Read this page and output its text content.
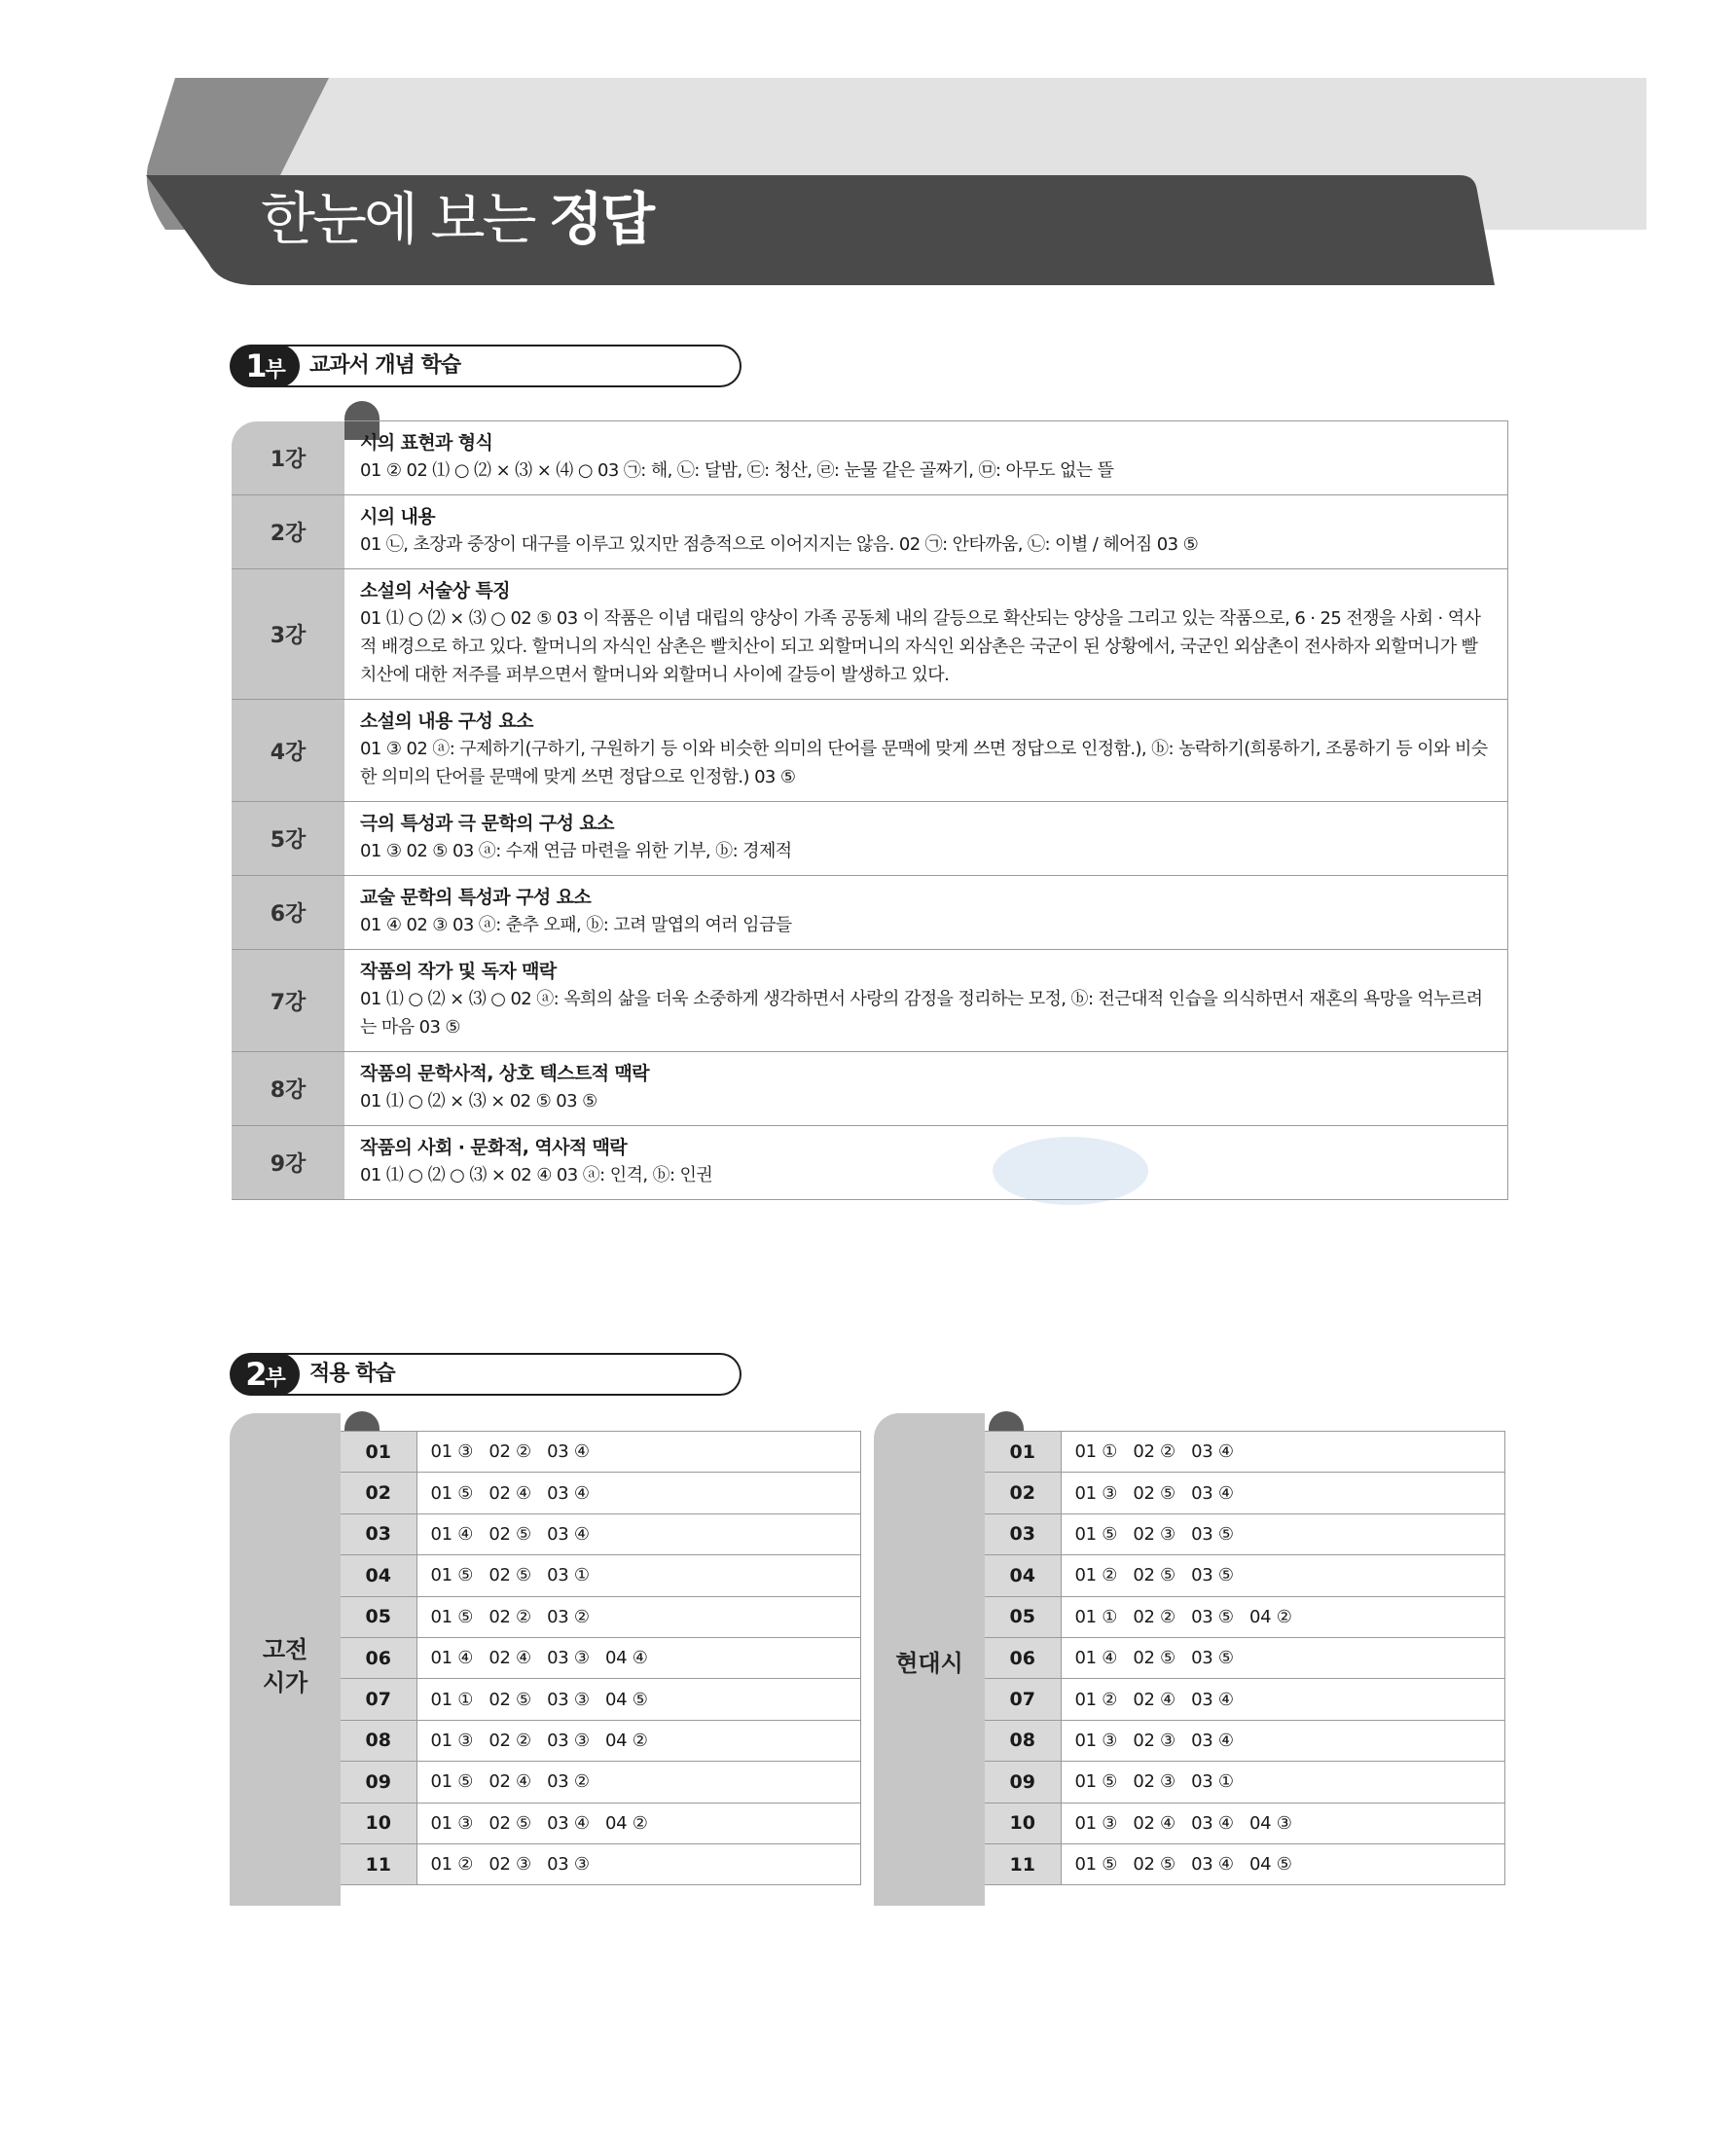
한눈에 보는 정답
교과서 개념 학습
1부
1강	시의 표현과 형식
01 ② 02 ⑴ ○ ⑵ × ⑶ × ⑷ ○ 03 ㉠: 해, ㉡: 달밤, ㉢: 청산, ㉣: 눈물 같은 골짜기, ㉤: 아무도 없는 뜰

2강	시의 내용
01 ㉡, 초장과 중장이 대구를 이루고 있지만 점층적으로 이어지지는 않음. 02 ㉠: 안타까움, ㉡: 이별 / 헤어짐 03 ⑤

3강	소설의 서술상 특징
01 ⑴ ○ ⑵ × ⑶ ○ 02 ⑤ 03 이 작품은 이념 대립의 양상이 가족 공동체 내의 갈등으로 확산되는 양상을 그리고 있는 작품으로, 6 · 25 전쟁을 사회 · 역사적 배경으로 하고 있다. 할머니의 자식인 삼촌은 빨치산이 되고 외할머니의 자식인 외삼촌은 국군이 된 상황에서, 국군인 외삼촌이 전사하자 외할머니가 빨치산에 대한 저주를 퍼부으면서 할머니와 외할머니 사이에 갈등이 발생하고 있다.

4강	소설의 내용 구성 요소
01 ③ 02 ⓐ: 구제하기(구하기, 구원하기 등 이와 비슷한 의미의 단어를 문맥에 맞게 쓰면 정답으로 인정함.), ⓑ: 농락하기(희롱하기, 조롱하기 등 이와 비슷한 의미의 단어를 문맥에 맞게 쓰면 정답으로 인정함.) 03 ⑤

5강	극의 특성과 극 문학의 구성 요소
01 ③ 02 ⑤ 03 ⓐ: 수재 연금 마련을 위한 기부, ⓑ: 경제적

6강	교술 문학의 특성과 구성 요소
01 ④ 02 ③ 03 ⓐ: 춘추 오패, ⓑ: 고려 말엽의 여러 임금들

7강	작품의 작가 및 독자 맥락
01 ⑴ ○ ⑵ × ⑶ ○ 02 ⓐ: 옥희의 삶을 더욱 소중하게 생각하면서 사랑의 감정을 정리하는 모정, ⓑ: 전근대적 인습을 의식하면서 재혼의 욕망을 억누르려는 마음 03 ⑤

8강	작품의 문학사적, 상호 텍스트적 맥락
01 ⑴ ○ ⑵ × ⑶ × 02 ⑤ 03 ⑤

9강	작품의 사회 · 문화적, 역사적 맥락
01 ⑴ ○ ⑵ ○ ⑶ × 02 ④ 03 ⓐ: 인격, ⓑ: 인권
적용 학습
2부
고전
시가
01	01 ③   02 ②   03 ④
02	01 ⑤   02 ④   03 ④
03	01 ④   02 ⑤   03 ④
04	01 ⑤   02 ⑤   03 ①
05	01 ⑤   02 ②   03 ②
06	01 ④   02 ④   03 ③   04 ④
07	01 ①   02 ⑤   03 ③   04 ⑤
08	01 ③   02 ②   03 ③   04 ②
09	01 ⑤   02 ④   03 ②
10	01 ③   02 ⑤   03 ④   04 ②
11	01 ②   02 ③   03 ③
현대시
01	01 ①   02 ②   03 ④
02	01 ③   02 ⑤   03 ④
03	01 ⑤   02 ③   03 ⑤
04	01 ②   02 ⑤   03 ⑤
05	01 ①   02 ②   03 ⑤   04 ②
06	01 ④   02 ⑤   03 ⑤
07	01 ②   02 ④   03 ④
08	01 ③   02 ③   03 ④
09	01 ⑤   02 ③   03 ①
10	01 ③   02 ④   03 ④   04 ③
11	01 ⑤   02 ⑤   03 ④   04 ⑤
